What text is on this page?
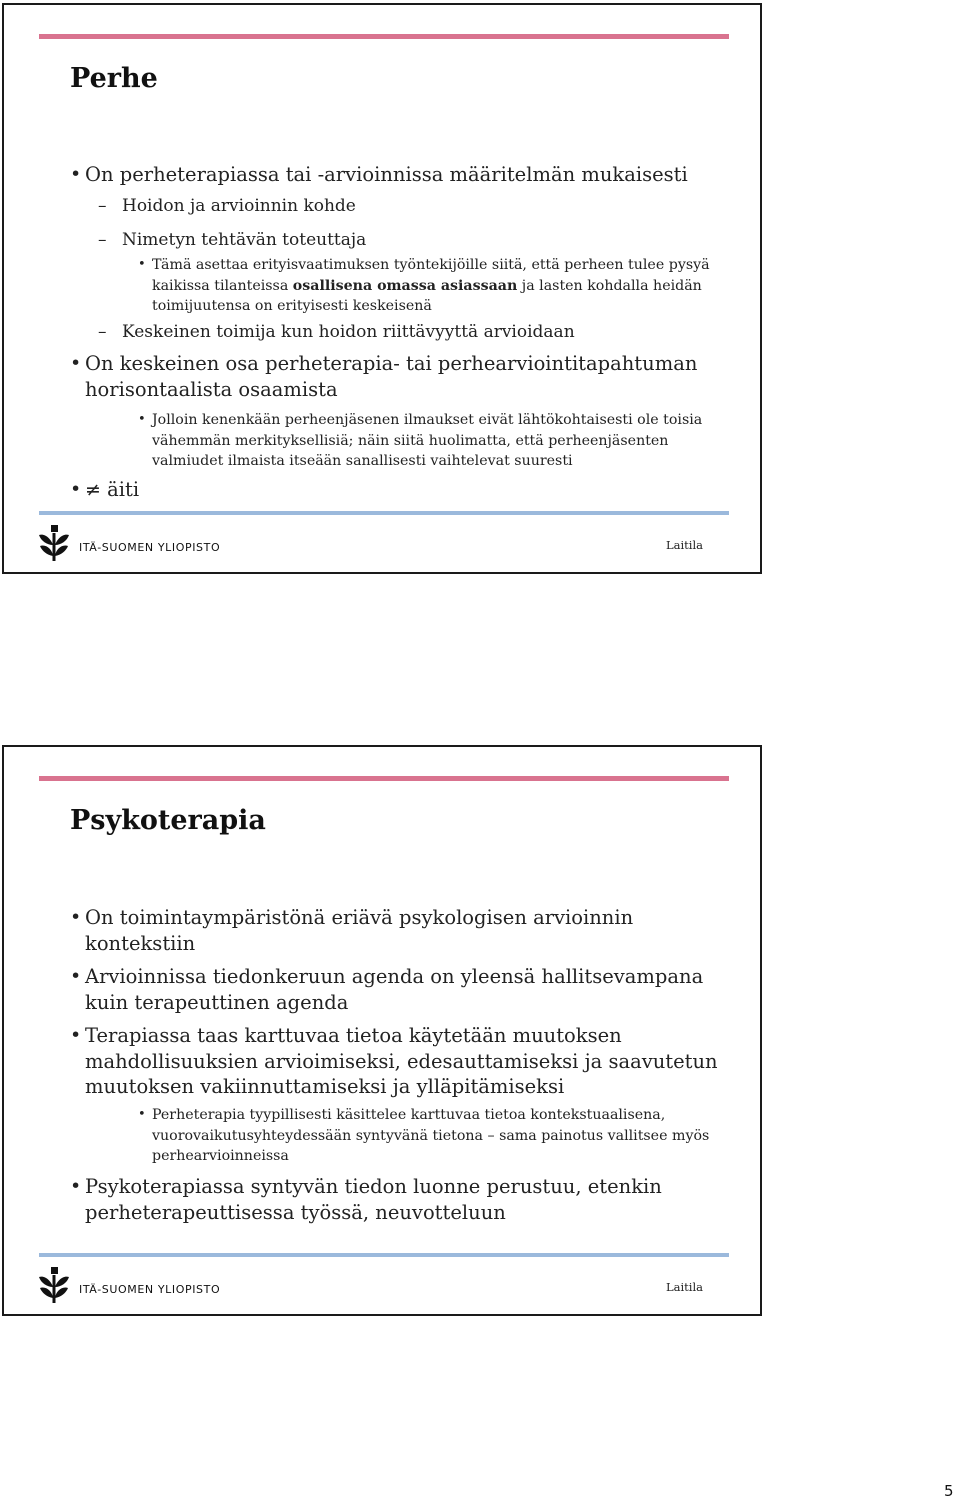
Perhe
• On perheterapiassa tai -arvioinnissa määritelmän mukaisesti
– Hoidon ja arvioinnin kohde
– Nimetyn tehtävän toteuttaja
• Tämä asettaa erityisvaatimuksen työntekijöille siitä, että perheen tulee pysyä kaikissa tilanteissa osallisena omassa asiassaan ja lasten kohdalla heidän toimijuutensa on erityisesti keskeisenä
– Keskeinen toimija kun hoidon riittävyyttä arvioidaan
• On keskeinen osa perheterapia- tai perhearviointitapahtuman horisontaalista osaamista
• Jolloin kenenkään perheenjäsenen ilmaukset eivät lähtökohtaisesti ole toisia vähemmän merkityksellisiä; näin siitä huolimatta, että perheenjäsenten valmiudet ilmaista itseään sanallisesti vaihtelevat suuresti
• ≠ äiti
ITÄ-SUOMEN YLIOPISTO	Laitila
Psykoterapia
• On toimintaympäristönä eriävä psykologisen arvioinnin kontekstiin
• Arvioinnissa tiedonkeruun agenda on yleensä hallitsevampana kuin terapeuttinen agenda
• Terapiassa taas karttuvaa tietoa käytetään muutoksen mahdollisuuksien arvioimiseksi, edesauttamiseksi ja saavutetun muutoksen vakiinnuttamiseksi ja ylläpitämiseksi
• Perheterapia tyypillisesti käsittelee karttuvaa tietoa kontekstuaalisena, vuorovaikutusyhteydessään syntyvänä tietona – sama painotus vallitsee myös perhearvioinneissa
• Psykoterapiassa syntyvän tiedon luonne perustuu, etenkin perheterapeuttisessa työssä, neuvotteluun
ITÄ-SUOMEN YLIOPISTO	Laitila
5
